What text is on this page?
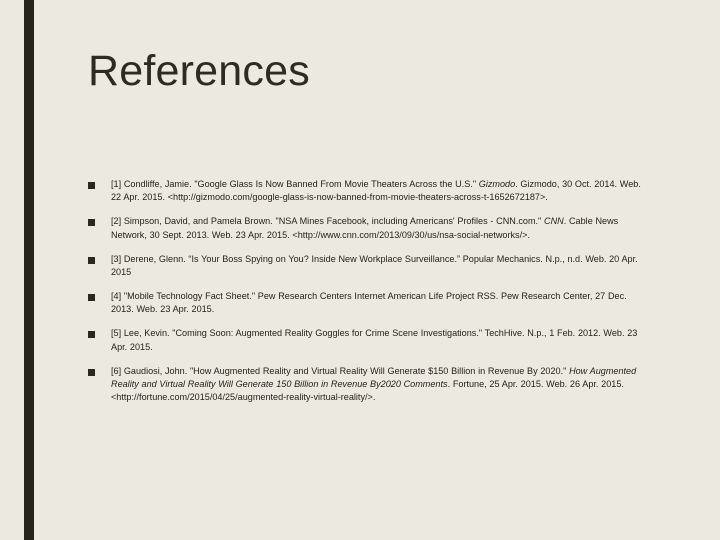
References
[1] Condliffe, Jamie. "Google Glass Is Now Banned From Movie Theaters Across the U.S." Gizmodo. Gizmodo, 30 Oct. 2014. Web. 22 Apr. 2015. <http://gizmodo.com/google-glass-is-now-banned-from-movie-theaters-across-t-1652672187>.
[2] Simpson, David, and Pamela Brown. "NSA Mines Facebook, including Americans' Profiles - CNN.com." CNN. Cable News Network, 30 Sept. 2013. Web. 23 Apr. 2015. <http://www.cnn.com/2013/09/30/us/nsa-social-networks/>.
[3] Derene, Glenn. “Is Your Boss Spying on You? Inside New Workplace Surveillance.” Popular Mechanics. N.p., n.d. Web. 20 Apr. 2015
[4] "Mobile Technology Fact Sheet." Pew Research Centers Internet American Life Project RSS. Pew Research Center, 27 Dec. 2013. Web. 23 Apr. 2015.
[5] Lee, Kevin. "Coming Soon: Augmented Reality Goggles for Crime Scene Investigations." TechHive. N.p., 1 Feb. 2012. Web. 23 Apr. 2015.
[6] Gaudiosi, John. "How Augmented Reality and Virtual Reality Will Generate $150 Billion in Revenue By 2020." How Augmented Reality and Virtual Reality Will Generate 150 Billion in Revenue By2020 Comments. Fortune, 25 Apr. 2015. Web. 26 Apr. 2015. <http://fortune.com/2015/04/25/augmented-reality-virtual-reality/>.
